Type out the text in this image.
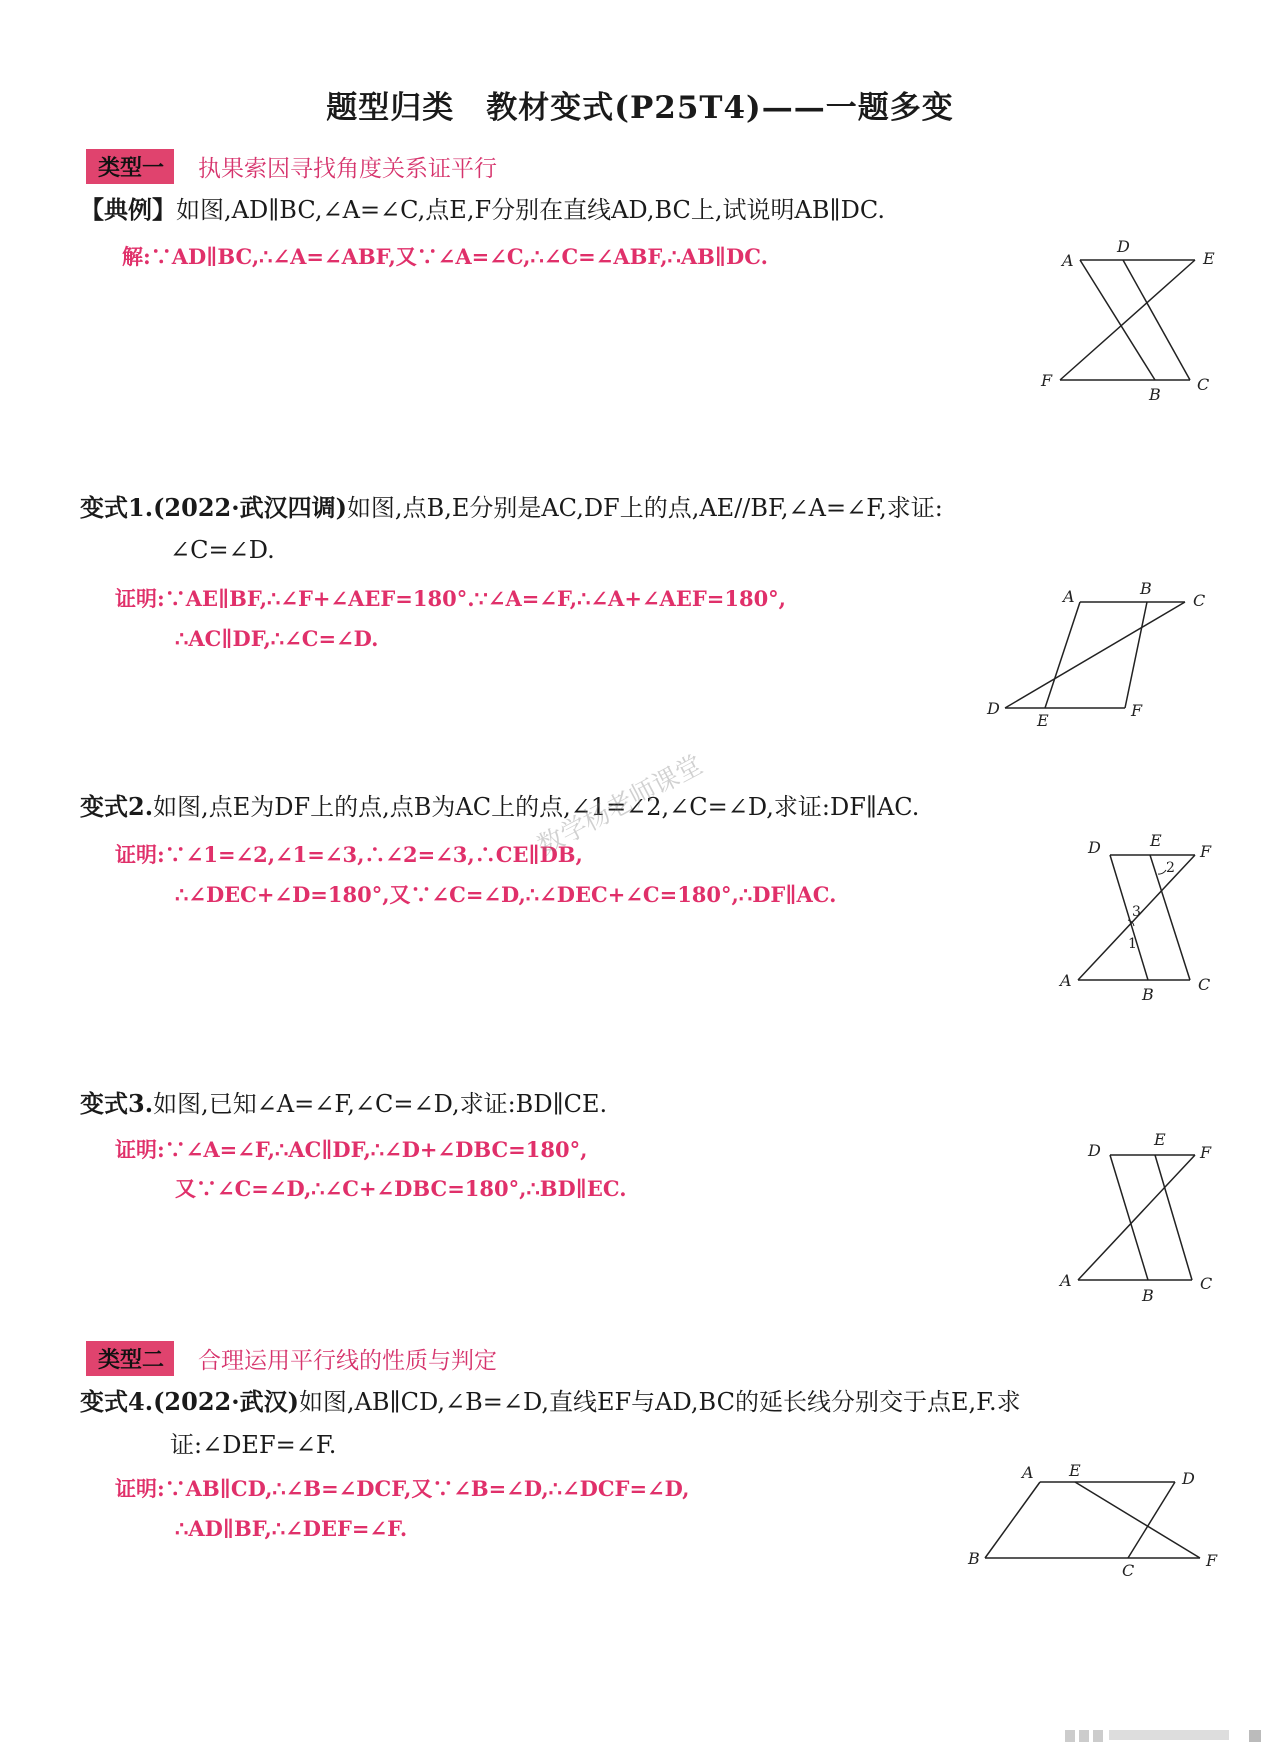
题型归类　教材变式(P25T4)——一题多变
类型一	执果索因寻找角度关系证平行
【典例】如图,AD∥BC,∠A=∠C,点E,F分别在直线AD,BC上,试说明AB∥DC.
解:∵AD∥BC,∴∠A=∠ABF,又∵∠A=∠C,∴∠C=∠ABF,∴AB∥DC.	A
D
E
F
B
C
变式1.(2022·武汉四调)如图,点B,E分别是AC,DF上的点,AE//BF,∠A=∠F,求证:
∠C=∠D.
证明:∵AE∥BF,∴∠F+∠AEF=180°.∵∠A=∠F,∴∠A+∠AEF=180°,
∴AC∥DF,∴∠C=∠D.
A	B
C
D
E
F
变式2.如图,点E为DF上的点,点B为AC上的点,∠1=∠2,∠C=∠D,求证:DF∥AC.
证明:∵∠1=∠2,∠1=∠3,∴∠2=∠3,∴CE∥DB,
∴∠DEC+∠D=180°,又∵∠C=∠D,∴∠DEC+∠C=180°,∴DF∥AC.
数学杨老师课堂	D	E
F
A
B
C
1
2
3
变式3.如图,已知∠A=∠F,∠C=∠D,求证:BD∥CE.
证明:∵∠A=∠F,∴AC∥DF,∴∠D+∠DBC=180°,
又∵∠C=∠D,∴∠C+∠DBC=180°,∴BD∥EC.
D
E
F
A
B
C
类型二	合理运用平行线的性质与判定
变式4.(2022·武汉)如图,AB∥CD,∠B=∠D,直线EF与AD,BC的延长线分别交于点E,F.求
证:∠DEF=∠F.
证明:∵AB∥CD,∴∠B=∠DCF,又∵∠B=∠D,∴∠DCF=∠D,
∴AD∥BF,∴∠DEF=∠F.
A E	D
B
C
F
